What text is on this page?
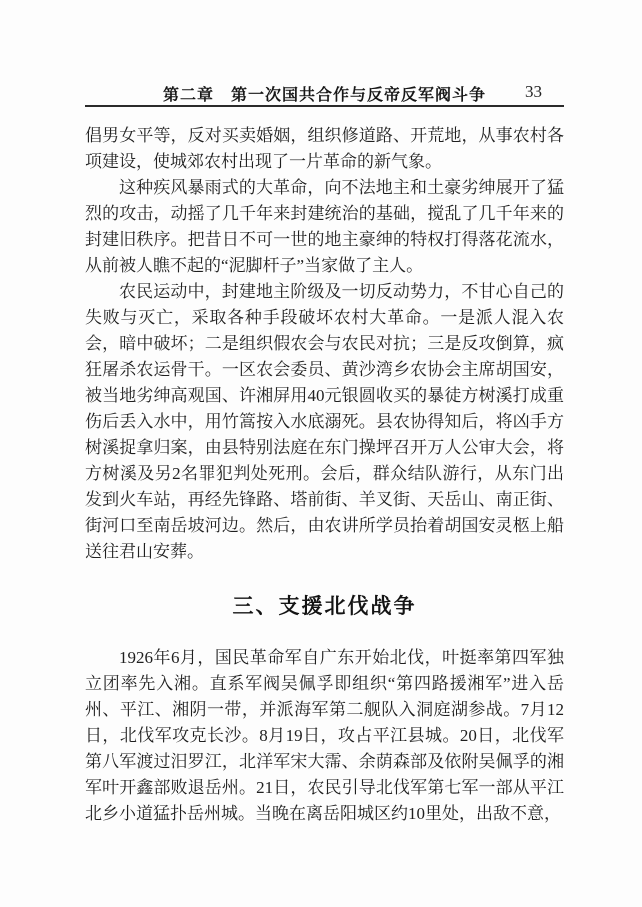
第二章　第一次国共合作与反帝反军阀斗争 33

倡男女平等，反对买卖婚姻，组织修道路、开荒地，从事农村各项建设，使城郊农村出现了一片革命的新气象。

这种疾风暴雨式的大革命，向不法地主和土豪劣绅展开了猛烈的攻击，动摇了几千年来封建统治的基础，搅乱了几千年来的封建旧秩序。把昔日不可一世的地主豪绅的特权打得落花流水，从前被人瞧不起的“泥脚杆子”当家做了主人。

农民运动中，封建地主阶级及一切反动势力，不甘心自己的失败与灭亡，采取各种手段破坏农村大革命。一是派人混入农会，暗中破坏；二是组织假农会与农民对抗；三是反攻倒算，疯狂屠杀农运骨干。一区农会委员、黄沙湾乡农协会主席胡国安，被当地劣绅高观国、许湘屏用40元银圆收买的暴徒方树溪打成重伤后丢入水中，用竹篙按入水底溺死。县农协得知后，将凶手方树溪捉拿归案，由县特别法庭在东门操坪召开万人公审大会，将方树溪及另2名罪犯判处死刑。会后，群众结队游行，从东门出发到火车站，再经先锋路、塔前街、羊叉街、天岳山、南正街、街河口至南岳坡河边。然后，由农讲所学员抬着胡国安灵柩上船送往君山安葬。

三、支援北伐战争

1926年6月，国民革命军自广东开始北伐，叶挺率第四军独立团率先入湘。直系军阀吴佩孚即组织“第四路援湘军”进入岳州、平江、湘阴一带，并派海军第二舰队入洞庭湖参战。7月12日，北伐军攻克长沙。8月19日，攻占平江县城。20日，北伐军第八军渡过汨罗江，北洋军宋大霈、余荫森部及依附吴佩孚的湘军叶开鑫部败退岳州。21日，农民引导北伐军第七军一部从平江北乡小道猛扑岳州城。当晚在离岳阳城区约10里处，出敌不意，
